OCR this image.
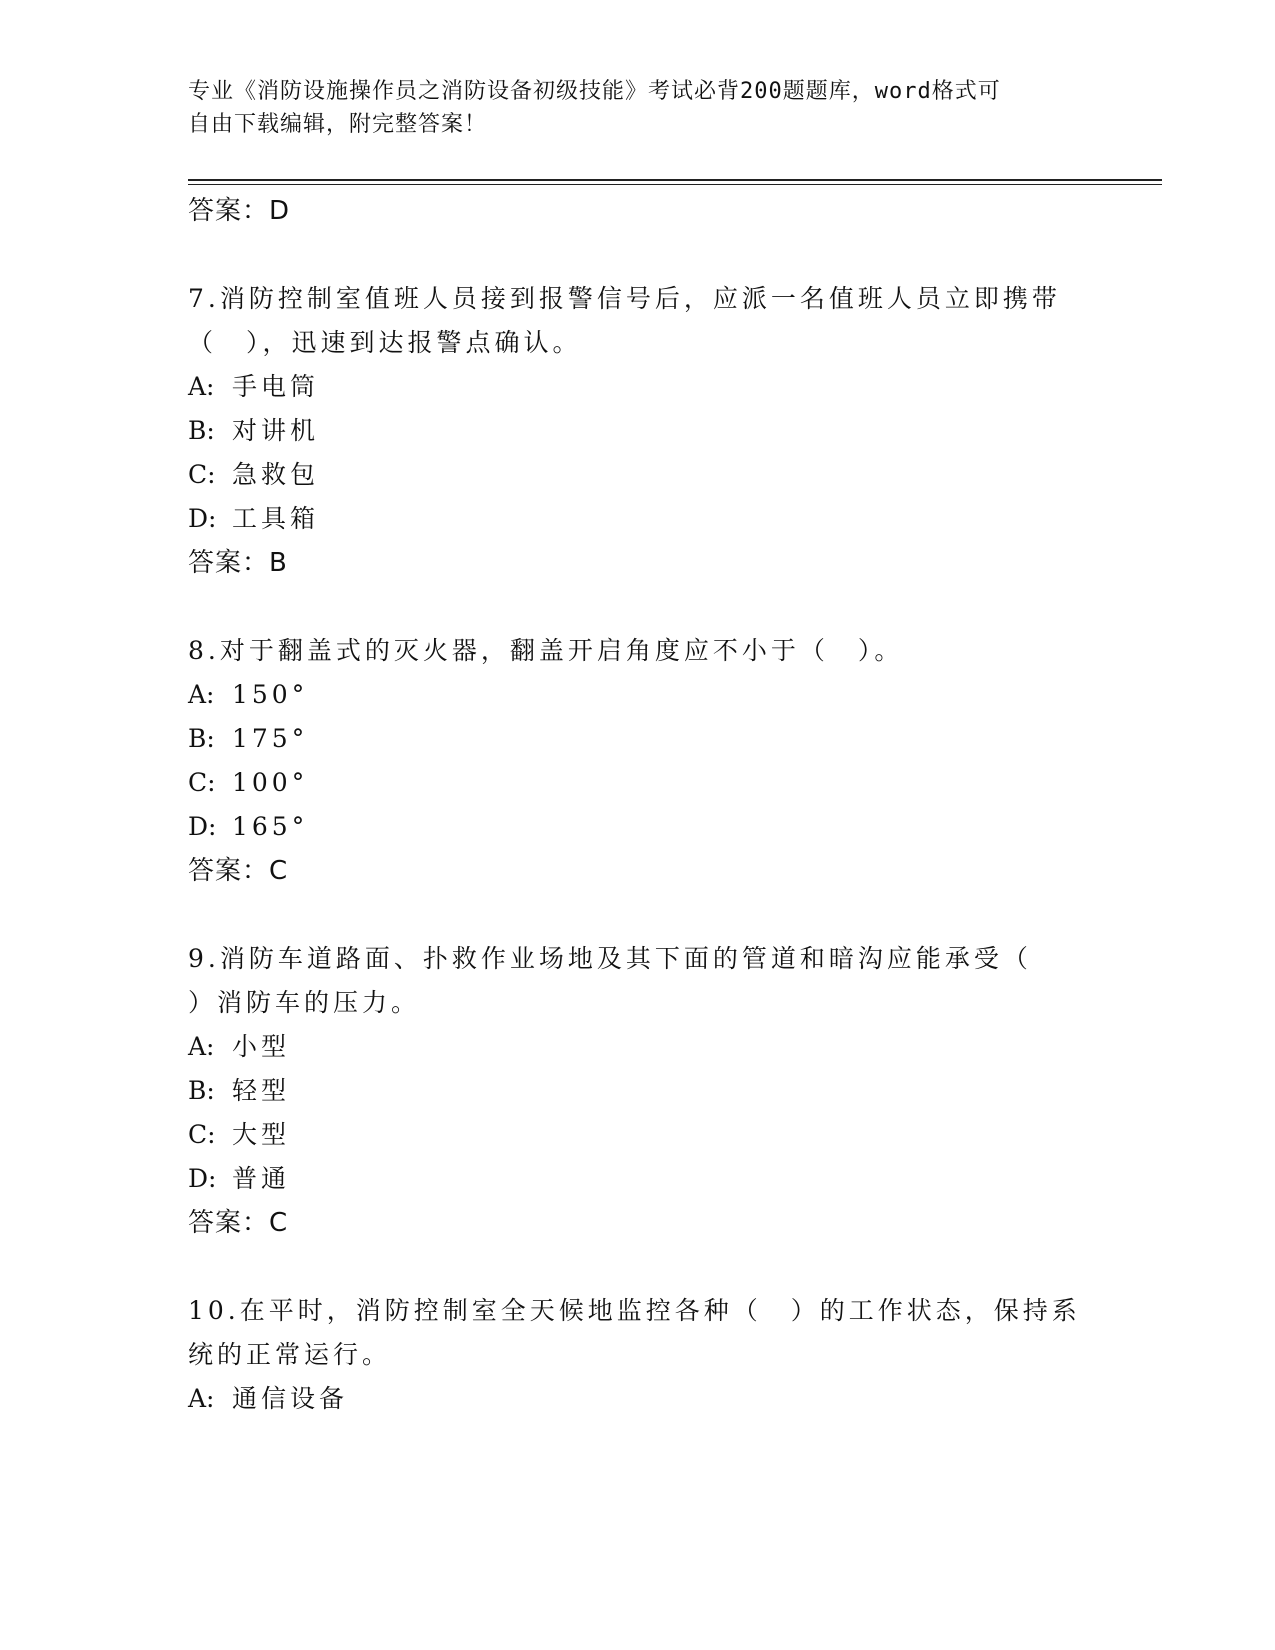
专业《消防设施操作员之消防设备初级技能》考试必背200题题库，word格式可
自由下载编辑，附完整答案！
答案：D
7.消防控制室值班人员接到报警信号后，应派一名值班人员立即携带
（　），迅速到达报警点确认。
A: 手电筒
B: 对讲机
C: 急救包
D: 工具箱
答案：B
8.对于翻盖式的灭火器，翻盖开启角度应不小于（　）。
A: 150°
B: 175°
C: 100°
D: 165°
答案：C
9.消防车道路面、扑救作业场地及其下面的管道和暗沟应能承受（
）消防车的压力。
A: 小型
B: 轻型
C: 大型
D: 普通
答案：C
10.在平时，消防控制室全天候地监控各种（　）的工作状态，保持系
统的正常运行。
A: 通信设备
